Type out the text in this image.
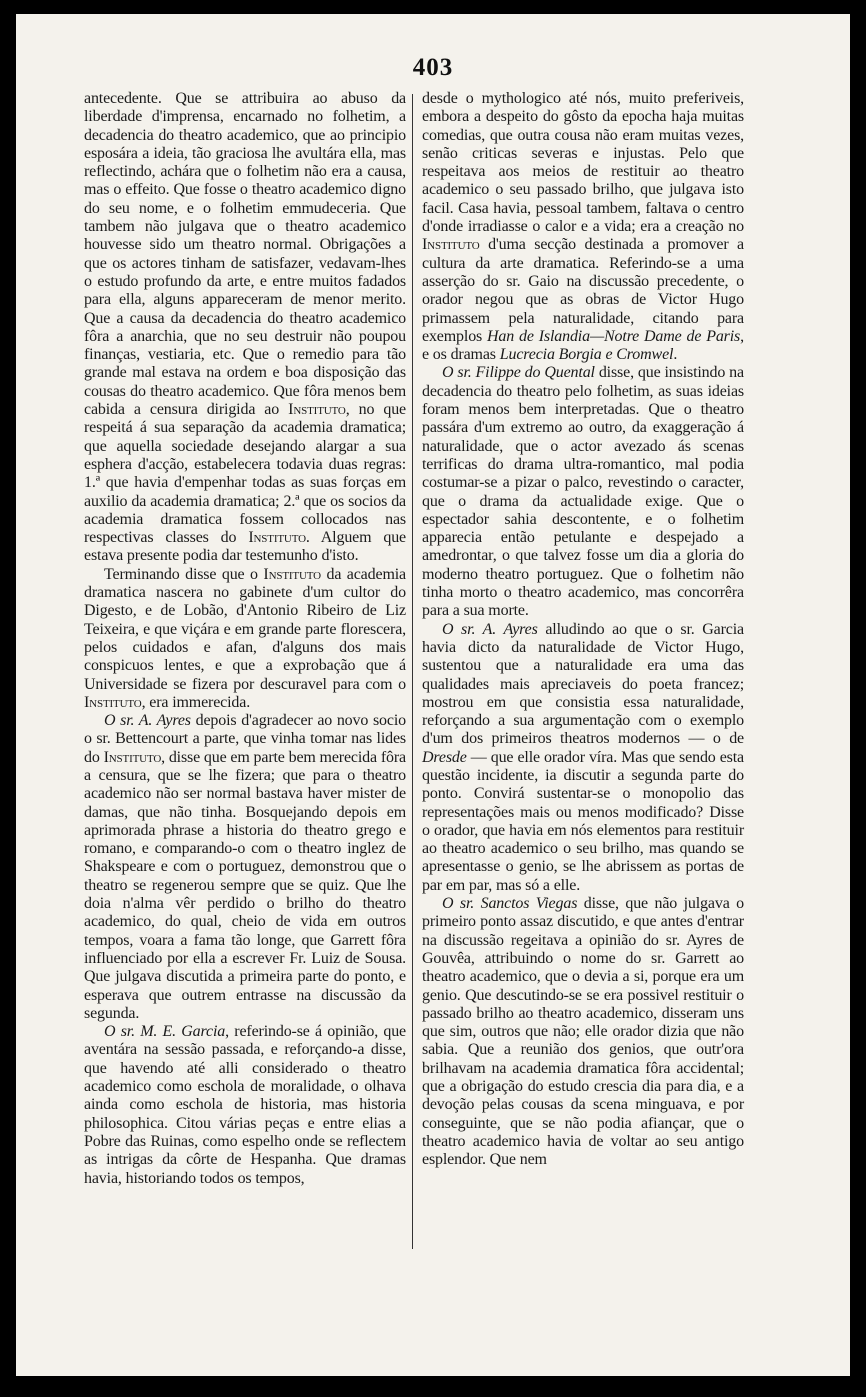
403

antecedente. Que se attribuira ao abuso da liberdade d'imprensa, encarnado no folhetim, a decadencia do theatro academico, que ao principio esposára a ideia, tão graciosa lhe avultára ella, mas reflectindo, achára que o folhetim não era a causa, mas o effeito. Que fosse o theatro academico digno do seu nome, e o folhetim emmudeceria. Que tambem não julgava que o theatro academico houvesse sido um theatro normal. Obrigações a que os actores tinham de satisfazer, vedavam-lhes o estudo profundo da arte, e entre muitos fadados para ella, alguns appareceram de menor merito. Que a causa da decadencia do theatro academico fôra a anarchia, que no seu destruir não poupou finanças, vestiaria, etc. Que o remedio para tão grande mal estava na ordem e boa disposição das cousas do theatro academico. Que fôra menos bem cabida a censura dirigida ao Instituto, no que respeitá á sua separação da academia dramatica; que aquella sociedade desejando alargar a sua esphera d'acção, estabelecera todavia duas regras: 1.ª que havia d'empenhar todas as suas forças em auxilio da academia dramatica; 2.ª que os socios da academia dramatica fossem collocados nas respectivas classes do Instituto. Alguem que estava presente podia dar testemunho d'isto.

Terminando disse que o Instituto da academia dramatica nascera no gabinete d'um cultor do Digesto, e de Lobão, d'Antonio Ribeiro de Liz Teixeira, e que viçára e em grande parte florescera, pelos cuidados e afan, d'alguns dos mais conspicuos lentes, e que a exprobação que á Universidade se fizera por descuravel para com o Instituto, era immerecida.

O sr. A. Ayres depois d'agradecer ao novo socio o sr. Bettencourt a parte, que vinha tomar nas lides do Instituto, disse que em parte bem merecida fôra a censura, que se lhe fizera; que para o theatro academico não ser normal bastava haver mister de damas, que não tinha. Bosquejando depois em aprimorada phrase a historia do theatro grego e romano, e comparando-o com o theatro inglez de Shakspeare e com o portuguez, demonstrou que o theatro se regenerou sempre que se quiz. Que lhe doia n'alma vêr perdido o brilho do theatro academico, do qual, cheio de vida em outros tempos, voara a fama tão longe, que Garrett fôra influenciado por ella a escrever Fr. Luiz de Sousa. Que julgava discutida a primeira parte do ponto, e esperava que outrem entrasse na discussão da segunda.

O sr. M. E. Garcia, referindo-se á opinião, que aventára na sessão passada, e reforçando-a disse, que havendo até alli considerado o theatro academico como eschola de moralidade, o olhava ainda como eschola de historia, mas historia philosophica. Citou várias peças e entre elias a Pobre das Ruinas, como espelho onde se reflectem as intrigas da côrte de Hespanha. Que dramas havia, historiando todos os tempos,

desde o mythologico até nós, muito preferiveis, embora a despeito do gôsto da epocha haja muitas comedias, que outra cousa não eram muitas vezes, senão criticas severas e injustas. Pelo que respeitava aos meios de restituir ao theatro academico o seu passado brilho, que julgava isto facil. Casa havia, pessoal tambem, faltava o centro d'onde irradiasse o calor e a vida; era a creação no Instituto d'uma secção destinada a promover a cultura da arte dramatica. Referindo-se a uma asserção do sr. Gaio na discussão precedente, o orador negou que as obras de Victor Hugo primassem pela naturalidade, citando para exemplos Han de Islandia—Notre Dame de Paris, e os dramas Lucrecia Borgia e Cromwel.

O sr. Filippe do Quental disse, que insistindo na decadencia do theatro pelo folhetim, as suas ideias foram menos bem interpretadas. Que o theatro passára d'um extremo ao outro, da exaggeração á naturalidade, que o actor avezado ás scenas terrificas do drama ultra-romantico, mal podia costumar-se a pizar o palco, revestindo o caracter, que o drama da actualidade exige. Que o espectador sahia descontente, e o folhetim apparecia então petulante e despejado a amedrontar, o que talvez fosse um dia a gloria do moderno theatro portuguez. Que o folhetim não tinha morto o theatro academico, mas concorrêra para a sua morte.

O sr. A. Ayres alludindo ao que o sr. Garcia havia dicto da naturalidade de Victor Hugo, sustentou que a naturalidade era uma das qualidades mais apreciaveis do poeta francez; mostrou em que consistia essa naturalidade, reforçando a sua argumentação com o exemplo d'um dos primeiros theatros modernos — o de Dresde — que elle orador víra. Mas que sendo esta questão incidente, ia discutir a segunda parte do ponto. Convirá sustentar-se o monopolio das representações mais ou menos modificado? Disse o orador, que havia em nós elementos para restituir ao theatro academico o seu brilho, mas quando se apresentasse o genio, se lhe abrissem as portas de par em par, mas só a elle.

O sr. Sanctos Viegas disse, que não julgava o primeiro ponto assaz discutido, e que antes d'entrar na discussão regeitava a opinião do sr. Ayres de Gouvêa, attribuindo o nome do sr. Garrett ao theatro academico, que o devia a si, porque era um genio. Que descutindo-se se era possivel restituir o passado brilho ao theatro academico, disseram uns que sim, outros que não; elle orador dizia que não sabia. Que a reunião dos genios, que outr'ora brilhavam na academia dramatica fôra accidental; que a obrigação do estudo crescia dia para dia, e a devoção pelas cousas da scena minguava, e por conseguinte, que se não podia afiançar, que o theatro academico havia de voltar ao seu antigo esplendor. Que nem
